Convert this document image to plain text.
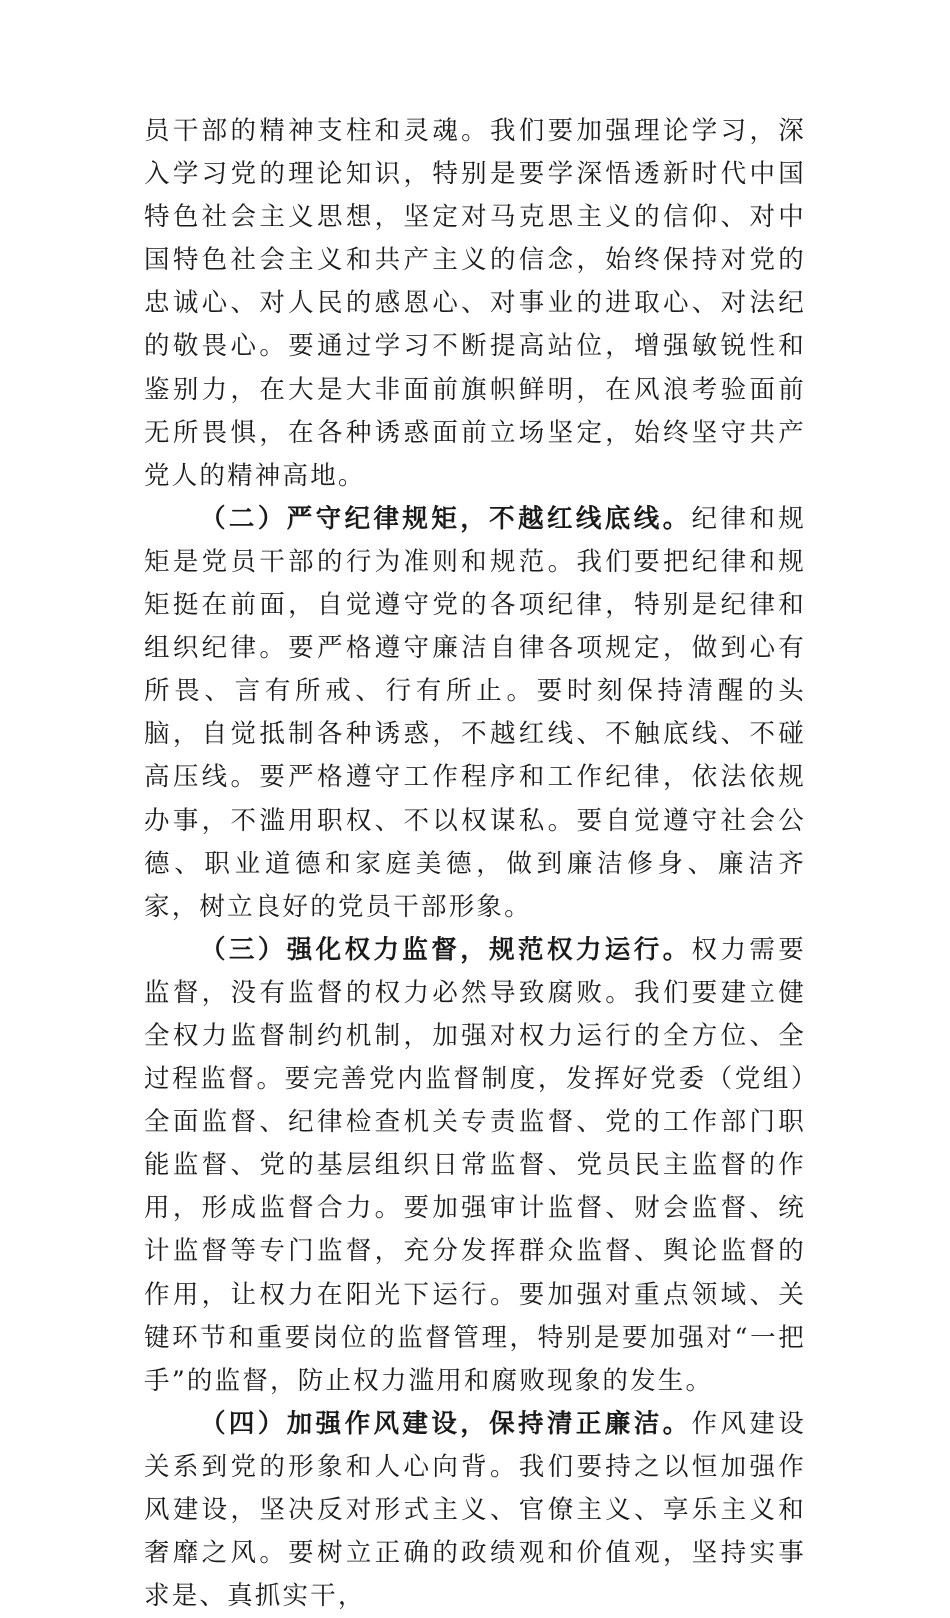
员干部的精神支柱和灵魂。我们要加强理论学习，深入学习党的理论知识，特别是要学深悟透新时代中国特色社会主义思想，坚定对马克思主义的信仰、对中国特色社会主义和共产主义的信念，始终保持对党的忠诚心、对人民的感恩心、对事业的进取心、对法纪的敬畏心。要通过学习不断提高站位，增强敏锐性和鉴别力，在大是大非面前旗帜鲜明，在风浪考验面前无所畏惧，在各种诱惑面前立场坚定，始终坚守共产党人的精神高地。

（二）严守纪律规矩，不越红线底线。纪律和规矩是党员干部的行为准则和规范。我们要把纪律和规矩挺在前面，自觉遵守党的各项纪律，特别是纪律和组织纪律。要严格遵守廉洁自律各项规定，做到心有所畏、言有所戒、行有所止。要时刻保持清醒的头脑，自觉抵制各种诱惑，不越红线、不触底线、不碰高压线。要严格遵守工作程序和工作纪律，依法依规办事，不滥用职权、不以权谋私。要自觉遵守社会公德、职业道德和家庭美德，做到廉洁修身、廉洁齐家，树立良好的党员干部形象。

（三）强化权力监督，规范权力运行。权力需要监督，没有监督的权力必然导致腐败。我们要建立健全权力监督制约机制，加强对权力运行的全方位、全过程监督。要完善党内监督制度，发挥好党委（党组）全面监督、纪律检查机关专责监督、党的工作部门职能监督、党的基层组织日常监督、党员民主监督的作用，形成监督合力。要加强审计监督、财会监督、统计监督等专门监督，充分发挥群众监督、舆论监督的作用，让权力在阳光下运行。要加强对重点领域、关键环节和重要岗位的监督管理，特别是要加强对“一把手”的监督，防止权力滥用和腐败现象的发生。

（四）加强作风建设，保持清正廉洁。作风建设关系到党的形象和人心向背。我们要持之以恒加强作风建设，坚决反对形式主义、官僚主义、享乐主义和奢靡之风。要树立正确的政绩观和价值观，坚持实事求是、真抓实干，
